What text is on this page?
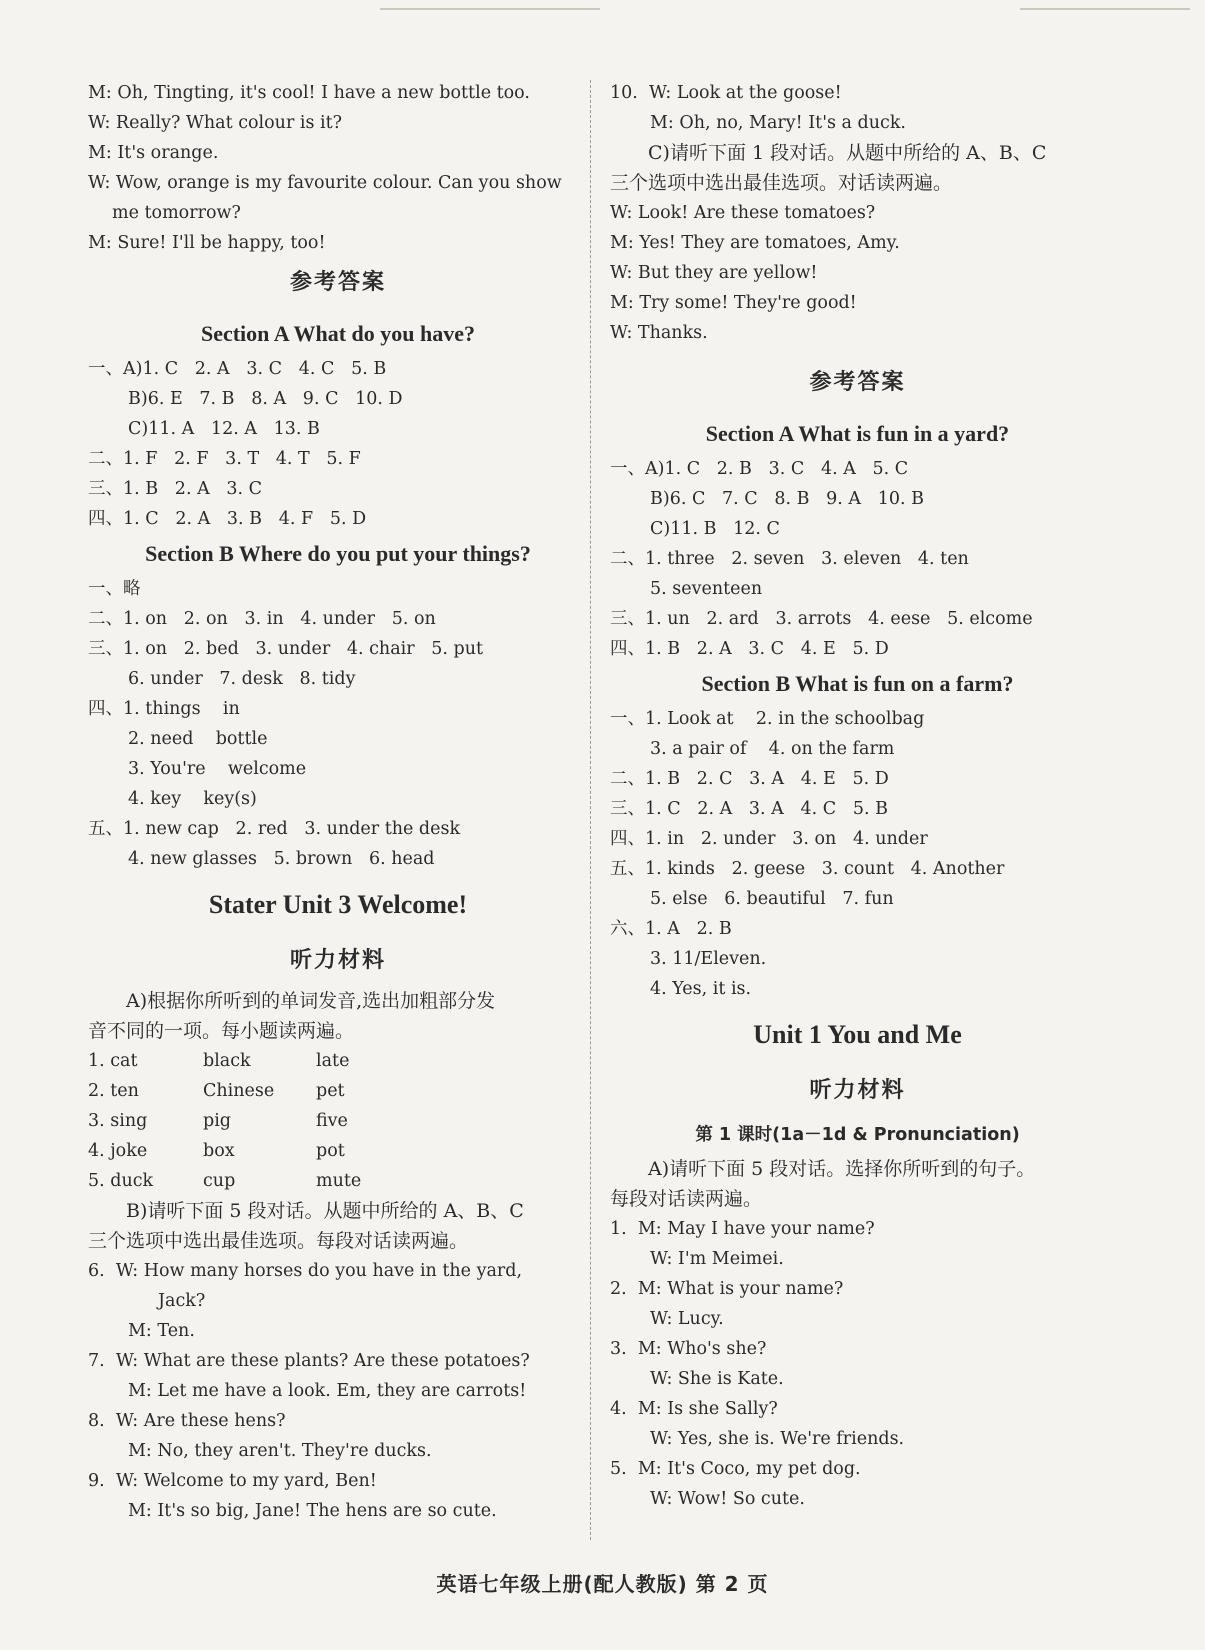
M: Oh, Tingting, it's cool! I have a new bottle too.
W: Really? What colour is it?
M: It's orange.
W: Wow, orange is my favourite colour. Can you show
me tomorrow?
M: Sure! I'll be happy, too!
参考答案
Section A What do you have?
一、A)1. C   2. A   3. C   4. C   5. B
B)6. E   7. B   8. A   9. C   10. D
C)11. A   12. A   13. B
二、1. F   2. F   3. T   4. T   5. F
三、1. B   2. A   3. C
四、1. C   2. A   3. B   4. F   5. D
Section B Where do you put your things?
一、略
二、1. on   2. on   3. in   4. under   5. on
三、1. on   2. bed   3. under   4. chair   5. put
6. under   7. desk   8. tidy
四、1. things    in
2. need    bottle
3. You're    welcome
4. key    key(s)
五、1. new cap   2. red   3. under the desk
4. new glasses   5. brown   6. head
Stater Unit 3 Welcome!
听力材料
A)根据你所听到的单词发音,选出加粗部分发
音不同的一项。每小题读两遍。
1. cat	black	late
2. ten	Chinese	pet
3. sing	pig	five
4. joke	box	pot
5. duck	cup	mute
B)请听下面 5 段对话。从题中所给的 A、B、C
三个选项中选出最佳选项。每段对话读两遍。
6.  W: How many horses do you have in the yard,
Jack?
M: Ten.
7.  W: What are these plants? Are these potatoes?
M: Let me have a look. Em, they are carrots!
8.  W: Are these hens?
M: No, they aren't. They're ducks.
9.  W: Welcome to my yard, Ben!
M: It's so big, Jane! The hens are so cute.
10.  W: Look at the goose!
M: Oh, no, Mary! It's a duck.
C)请听下面 1 段对话。从题中所给的 A、B、C
三个选项中选出最佳选项。对话读两遍。
W: Look! Are these tomatoes?
M: Yes! They are tomatoes, Amy.
W: But they are yellow!
M: Try some! They're good!
W: Thanks.
参考答案
Section A What is fun in a yard?
一、A)1. C   2. B   3. C   4. A   5. C
B)6. C   7. C   8. B   9. A   10. B
C)11. B   12. C
二、1. three   2. seven   3. eleven   4. ten
5. seventeen
三、1. un   2. ard   3. arrots   4. eese   5. elcome
四、1. B   2. A   3. C   4. E   5. D
Section B What is fun on a farm?
一、1. Look at    2. in the schoolbag
3. a pair of    4. on the farm
二、1. B   2. C   3. A   4. E   5. D
三、1. C   2. A   3. A   4. C   5. B
四、1. in   2. under   3. on   4. under
五、1. kinds   2. geese   3. count   4. Another
5. else   6. beautiful   7. fun
六、1. A   2. B
3. 11/Eleven.
4. Yes, it is.
Unit 1 You and Me
听力材料
第 1 课时(1a－1d & Pronunciation)
A)请听下面 5 段对话。选择你所听到的句子。
每段对话读两遍。
1.  M: May I have your name?
W: I'm Meimei.
2.  M: What is your name?
W: Lucy.
3.  M: Who's she?
W: She is Kate.
4.  M: Is she Sally?
W: Yes, she is. We're friends.
5.  M: It's Coco, my pet dog.
W: Wow! So cute.
英语七年级上册(配人教版) 第 2 页
